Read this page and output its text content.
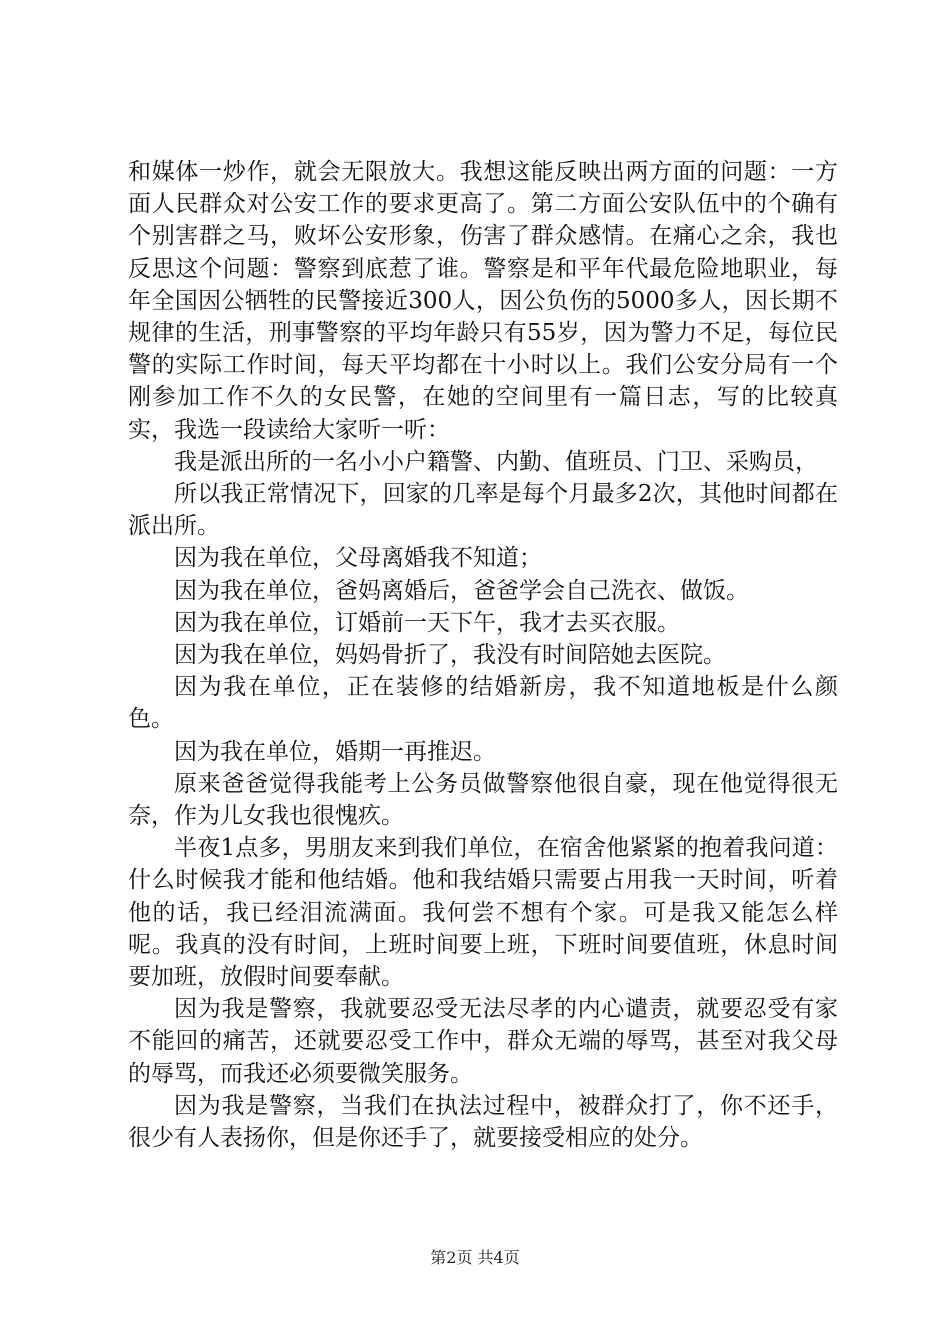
和媒体一炒作，就会无限放大。我想这能反映出两方面的问题：一方面人民群众对公安工作的要求更高了。第二方面公安队伍中的个确有个别害群之马，败坏公安形象，伤害了群众感情。在痛心之余，我也反思这个问题：警察到底惹了谁。警察是和平年代最危险地职业，每年全国因公牺牲的民警接近300人，因公负伤的5000多人，因长期不规律的生活，刑事警察的平均年龄只有55岁，因为警力不足，每位民警的实际工作时间，每天平均都在十小时以上。我们公安分局有一个刚参加工作不久的女民警，在她的空间里有一篇日志，写的比较真实，我选一段读给大家听一听：

我是派出所的一名小小户籍警、内勤、值班员、门卫、采购员，

所以我正常情况下，回家的几率是每个月最多2次，其他时间都在派出所。

因为我在单位，父母离婚我不知道；

因为我在单位，爸妈离婚后，爸爸学会自己洗衣、做饭。

因为我在单位，订婚前一天下午，我才去买衣服。

因为我在单位，妈妈骨折了，我没有时间陪她去医院。

因为我在单位，正在装修的结婚新房，我不知道地板是什么颜色。

因为我在单位，婚期一再推迟。

原来爸爸觉得我能考上公务员做警察他很自豪，现在他觉得很无奈，作为儿女我也很愧疚。

半夜1点多，男朋友来到我们单位，在宿舍他紧紧的抱着我问道：什么时候我才能和他结婚。他和我结婚只需要占用我一天时间，听着他的话，我已经泪流满面。我何尝不想有个家。可是我又能怎么样呢。我真的没有时间，上班时间要上班，下班时间要值班，休息时间要加班，放假时间要奉献。

因为我是警察，我就要忍受无法尽孝的内心谴责，就要忍受有家不能回的痛苦，还就要忍受工作中，群众无端的辱骂，甚至对我父母的辱骂，而我还必须要微笑服务。

因为我是警察，当我们在执法过程中，被群众打了，你不还手，很少有人表扬你，但是你还手了，就要接受相应的处分。

第2页 共4页
